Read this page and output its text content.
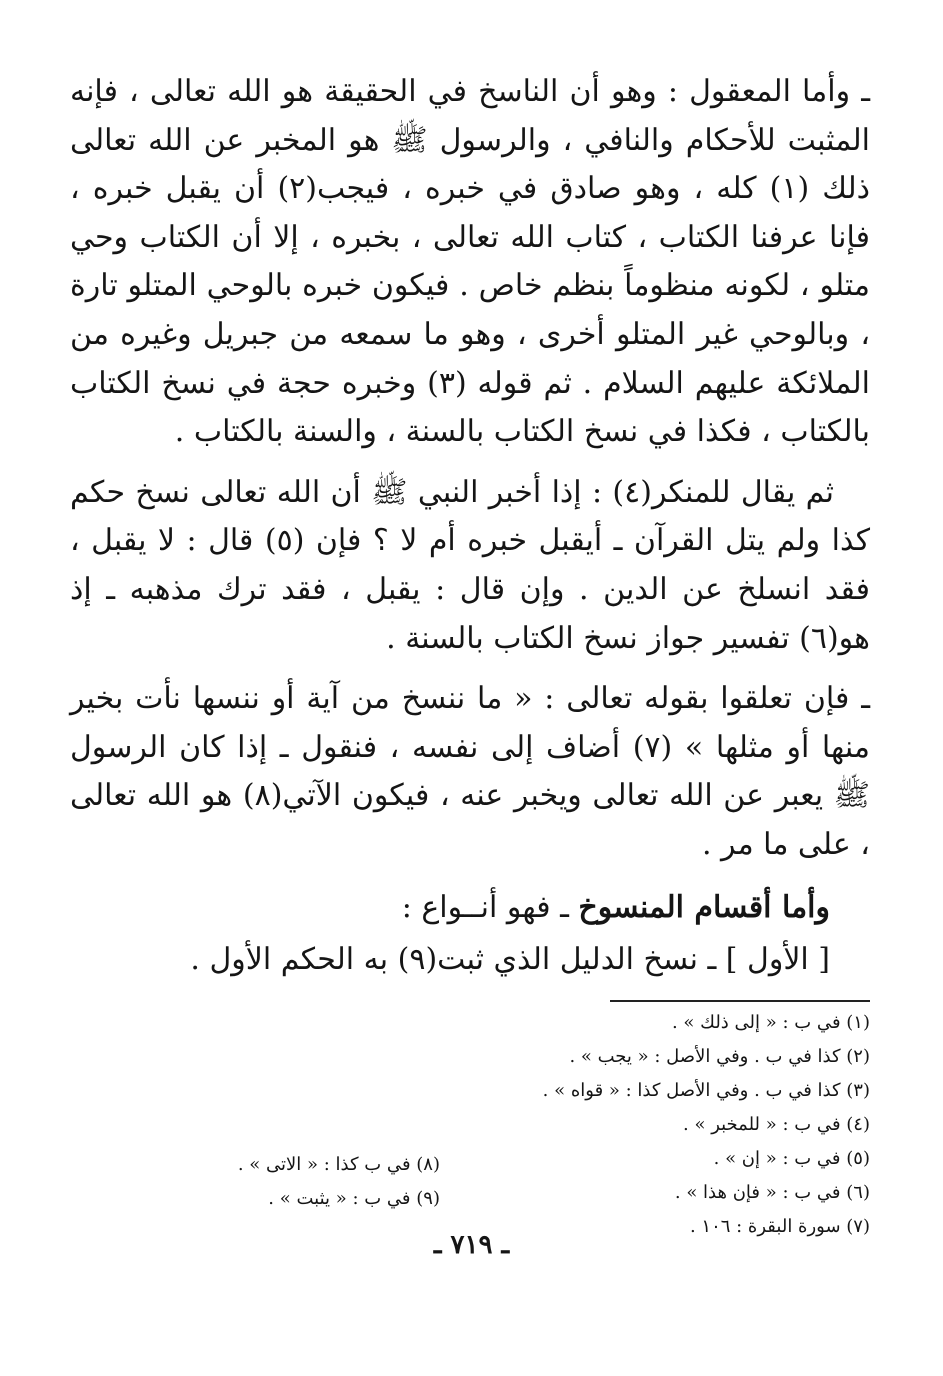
ـ وأما المعقول : وهو أن الناسخ في الحقيقة هو الله تعالى ، فإنه المثبت للأحكام والنافي ، والرسول ﷺ هو المخبر عن الله تعالى ذلك (١) كله ، وهو صادق في خبره ، فيجب(٢) أن يقبل خبره ، فإنا عرفنا الكتاب ، كتاب الله تعالى ، بخبره ، إلا أن الكتاب وحي متلو ، لكونه منظوماً بنظم خاص . فيكون خبره بالوحي المتلو تارة ، وبالوحي غير المتلو أخرى ، وهو ما سمعه من جبريل وغيره من الملائكة عليهم السلام . ثم قوله (٣) وخبره حجة في نسخ الكتاب بالكتاب ، فكذا في نسخ الكتاب بالسنة ، والسنة بالكتاب .

ثم يقال للمنكر(٤) : إذا أخبر النبي ﷺ أن الله تعالى نسخ حكم كذا ولم يتل القرآن ـ أيقبل خبره أم لا ؟ فإن (٥) قال : لا يقبل ، فقد انسلخ عن الدين . وإن قال : يقبل ، فقد ترك مذهبه ـ إذ هو(٦) تفسير جواز نسخ الكتاب بالسنة .

ـ فإن تعلقوا بقوله تعالى : « ما ننسخ من آية أو ننسها نأت بخير منها أو مثلها » (٧) أضاف إلى نفسه ، فنقول ـ إذا كان الرسول ﷺ يعبر عن الله تعالى ويخبر عنه ، فيكون الآتي(٨) هو الله تعالى ، على ما مر .

وأما أقسام المنسوخ ـ فهو أنــواع :

[ الأول ] ـ نسخ الدليل الذي ثبت(٩) به الحكم الأول .

(١) في ب : « إلى ذلك » .
(٢) كذا في ب . وفي الأصل : « يجب » .
(٣) كذا في ب . وفي الأصل كذا : « قواه » .
(٤) في ب : « للمخبر » .
(٥) في ب : « إن » .
(٦) في ب : « فإن هذا » .
(٧) سورة البقرة : ١٠٦ .
(٨) في ب كذا : « الاتى » .
(٩) في ب : « يثبت » .
ـ ٧١٩ ـ
